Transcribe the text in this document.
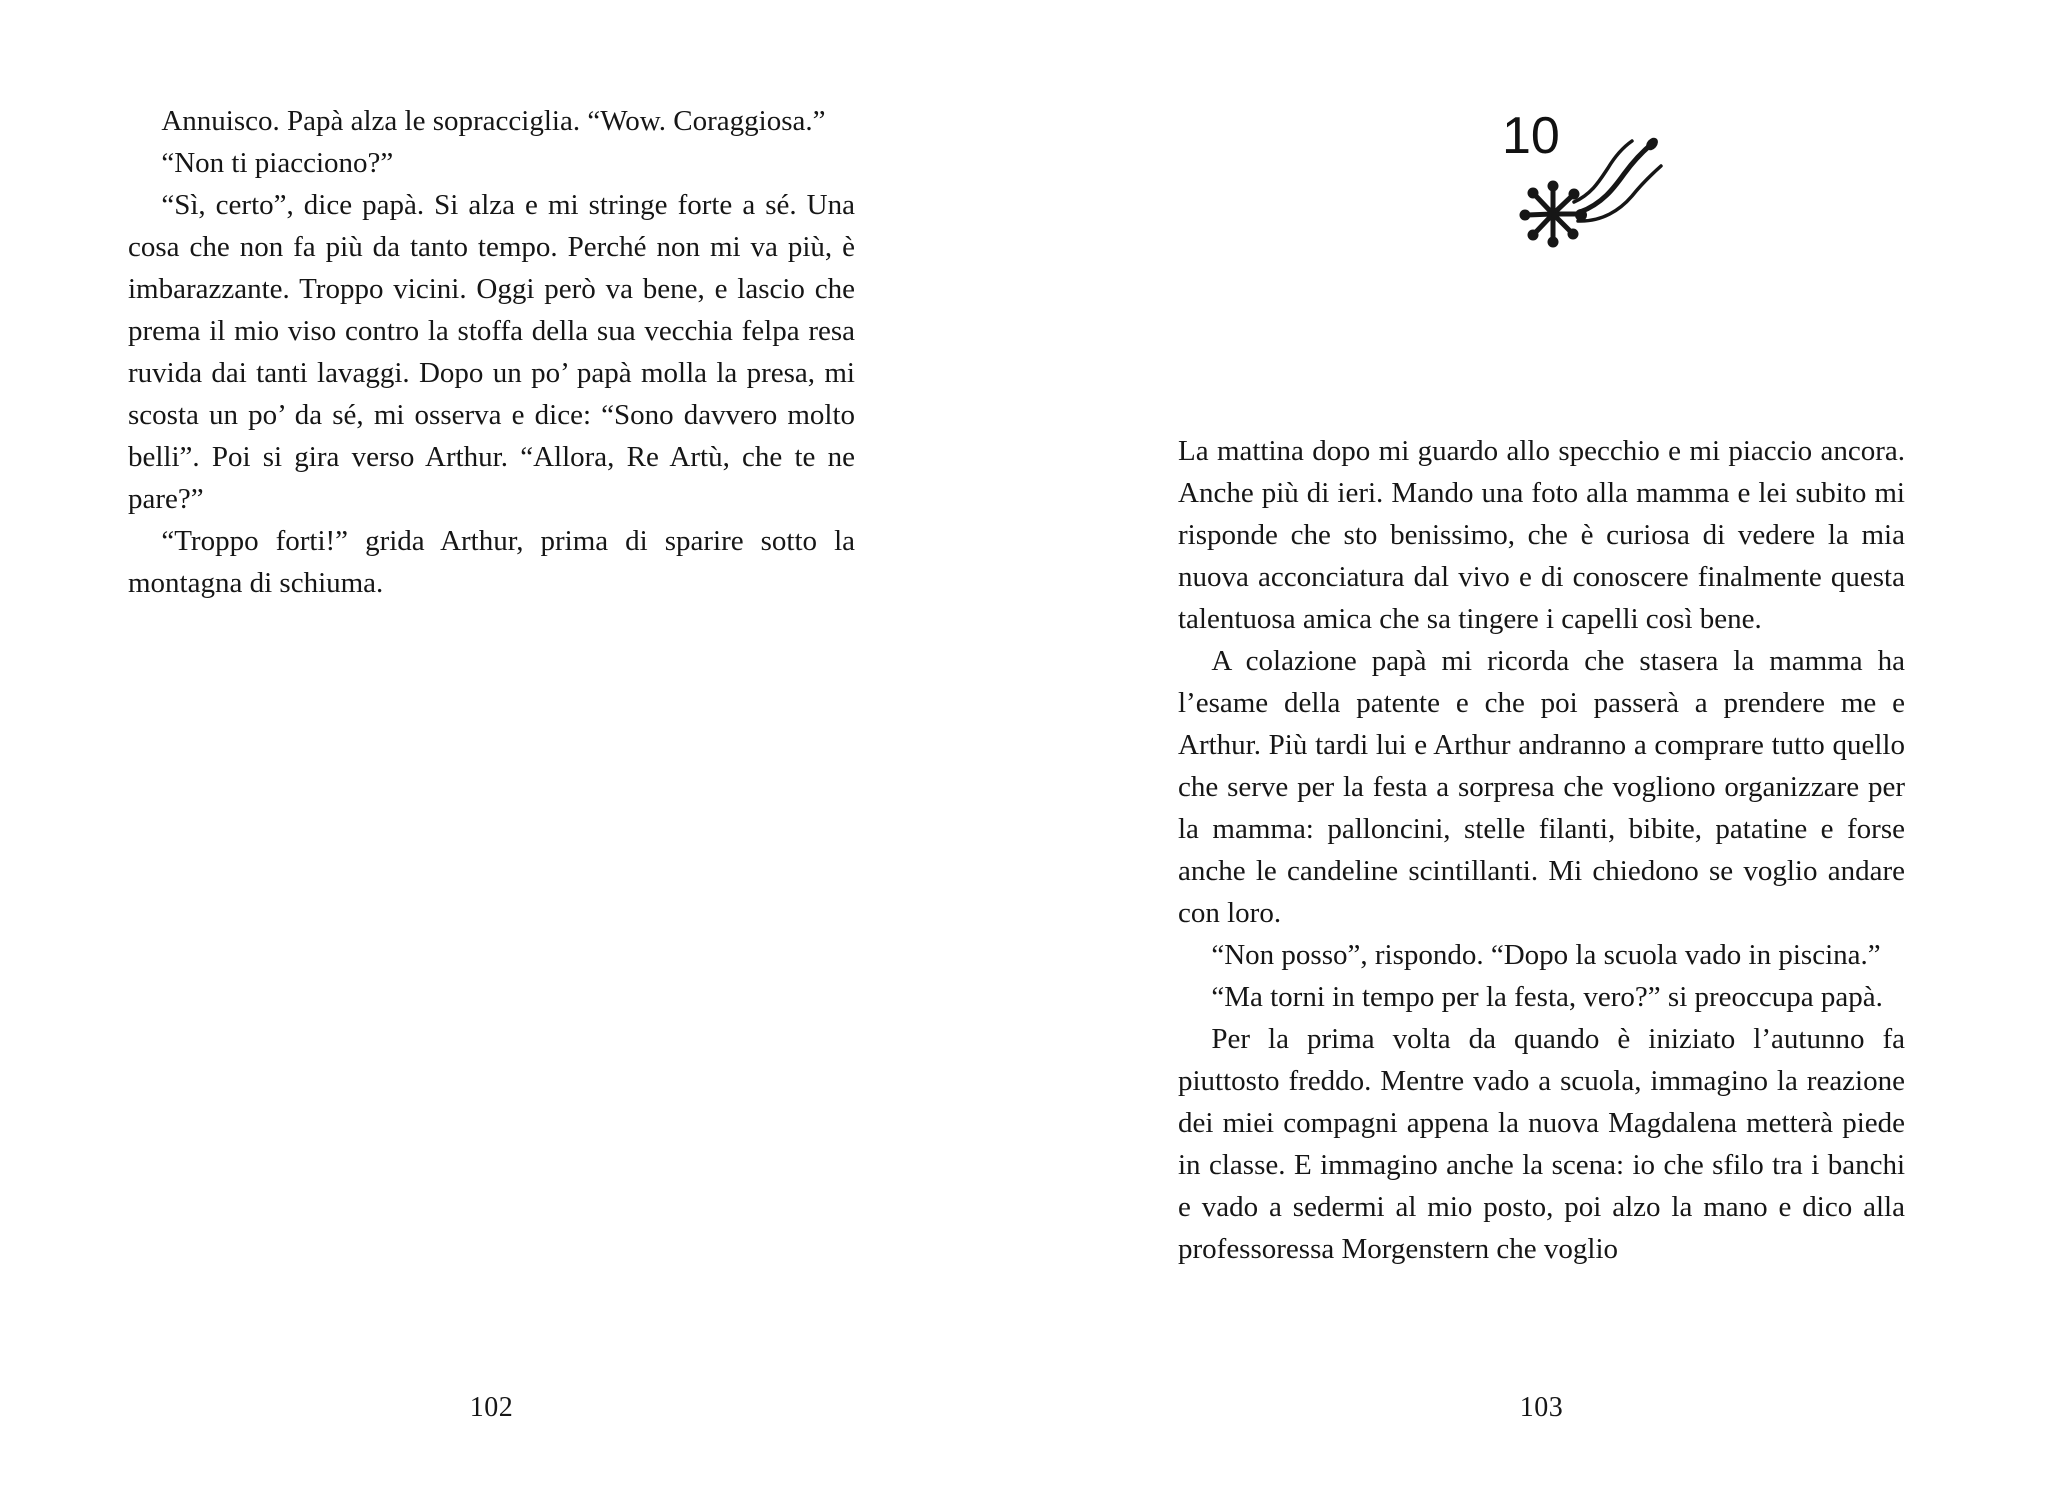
Annuisco. Papà alza le sopracciglia. “Wow. Coraggiosa.”

“Non ti piacciono?”

“Sì, certo”, dice papà. Si alza e mi stringe forte a sé. Una cosa che non fa più da tanto tempo. Perché non mi va più, è imbarazzante. Troppo vicini. Oggi però va bene, e lascio che prema il mio viso contro la stoffa della sua vecchia felpa resa ruvida dai tanti lavaggi. Dopo un po’ papà molla la presa, mi scosta un po’ da sé, mi osserva e dice: “Sono davvero molto belli”. Poi si gira verso Arthur. “Allora, Re Artù, che te ne pare?”

“Troppo forti!” grida Arthur, prima di sparire sotto la montagna di schiuma.

102
10

La mattina dopo mi guardo allo specchio e mi piaccio ancora. Anche più di ieri. Mando una foto alla mamma e lei subito mi risponde che sto benissimo, che è curiosa di vedere la mia nuova acconciatura dal vivo e di conoscere finalmente questa talentuosa amica che sa tingere i capelli così bene.

A colazione papà mi ricorda che stasera la mamma ha l’esame della patente e che poi passerà a prendere me e Arthur. Più tardi lui e Arthur andranno a comprare tutto quello che serve per la festa a sorpresa che vogliono organizzare per la mamma: palloncini, stelle filanti, bibite, patatine e forse anche le candeline scintillanti. Mi chiedono se voglio andare con loro.

“Non posso”, rispondo. “Dopo la scuola vado in piscina.”

“Ma torni in tempo per la festa, vero?” si preoccupa papà.

Per la prima volta da quando è iniziato l’autunno fa piuttosto freddo. Mentre vado a scuola, immagino la reazione dei miei compagni appena la nuova Magdalena metterà piede in classe. E immagino anche la scena: io che sfilo tra i banchi e vado a sedermi al mio posto, poi alzo la mano e dico alla professoressa Morgenstern che voglio

103
